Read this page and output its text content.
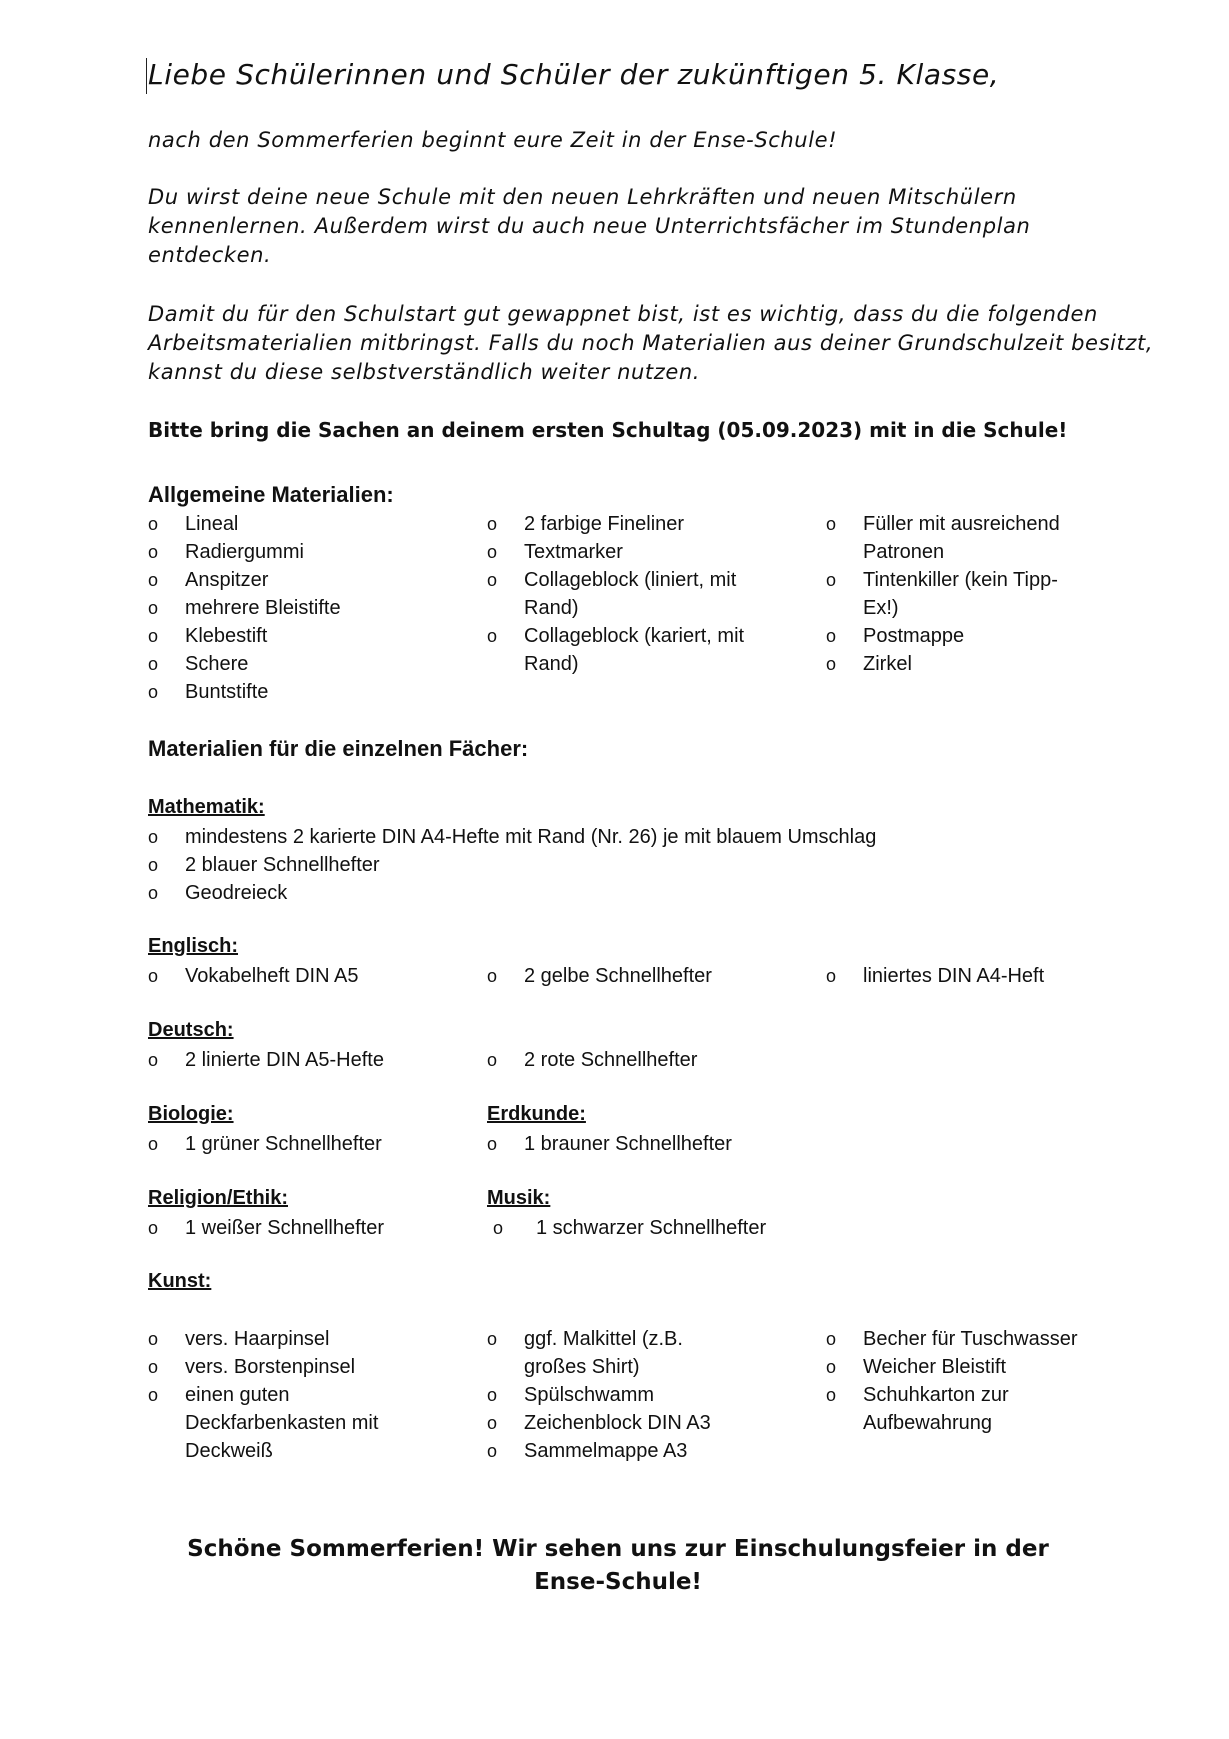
Liebe Schülerinnen und Schüler der zukünftigen 5. Klasse,
nach den Sommerferien beginnt eure Zeit in der Ense-Schule!
Du wirst deine neue Schule mit den neuen Lehrkräften und neuen Mitschülern kennenlernen. Außerdem wirst du auch neue Unterrichtsfächer im Stundenplan entdecken.
Damit du für den Schulstart gut gewappnet bist, ist es wichtig, dass du die folgenden Arbeitsmaterialien mitbringst. Falls du noch Materialien aus deiner Grundschulzeit besitzt, kannst du diese selbstverständlich weiter nutzen.
Bitte bring die Sachen an deinem ersten Schultag (05.09.2023) mit in die Schule!
Allgemeine Materialien:
o Lineal
o Radiergummi
o Anspitzer
o mehrere Bleistifte
o Klebestift
o Schere
o Buntstifte
o 2 farbige Fineliner
o Textmarker
o Collageblock (liniert, mit Rand)
o Collageblock (kariert, mit Rand)
o Füller mit ausreichend Patronen
o Tintenkiller (kein Tipp-Ex!)
o Postmappe
o Zirkel
Materialien für die einzelnen Fächer:
Mathematik:
o mindestens 2 karierte DIN A4-Hefte mit Rand (Nr. 26) je mit blauem Umschlag
o 2 blauer Schnellhefter
o Geodreieck
Englisch:
o Vokabelheft DIN A5	o 2 gelbe Schnellhefter	o liniertes DIN A4-Heft
Deutsch:
o 2 linierte DIN A5-Hefte	o 2 rote Schnellhefter
Biologie:
o 1 grüner Schnellhefter
Erdkunde:
o 1 brauner Schnellhefter
Religion/Ethik:
o 1 weißer Schnellhefter
Musik:
o 1 schwarzer Schnellhefter
Kunst:
o vers. Haarpinsel
o vers. Borstenpinsel
o einen guten Deckfarbenkasten mit Deckweiß
o ggf. Malkittel (z.B. großes Shirt)
o Spülschwamm
o Zeichenblock DIN A3
o Sammelmappe A3
o Becher für Tuschwasser
o Weicher Bleistift
o Schuhkarton zur Aufbewahrung
Schöne Sommerferien! Wir sehen uns zur Einschulungsfeier in der Ense-Schule!
